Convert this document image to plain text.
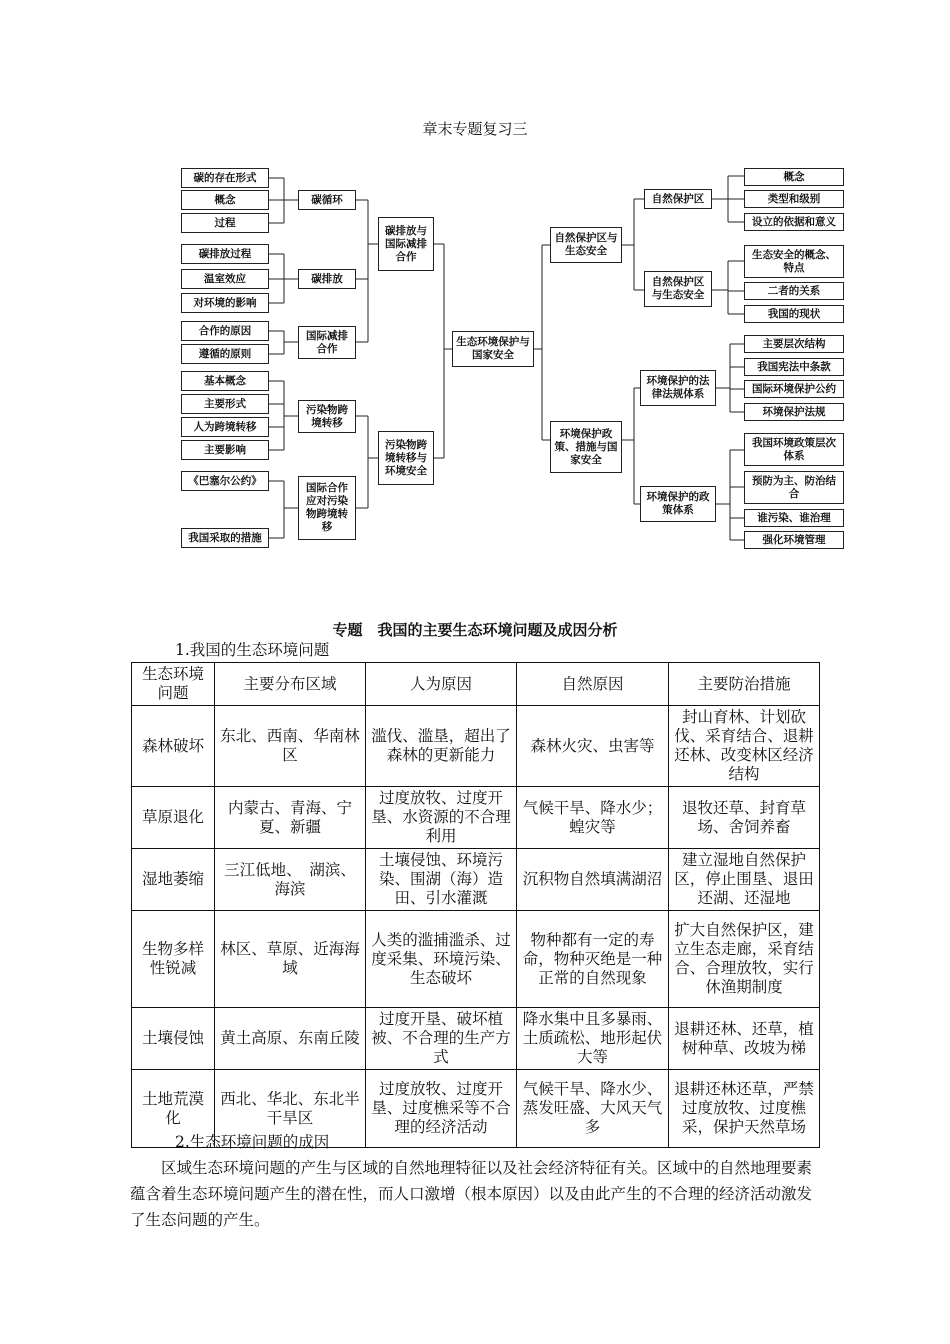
章末专题复习三
碳的存在形式
概念
过程
碳排放过程
温室效应
对环境的影响
合作的原因
遵循的原则
基本概念
主要形式
人为跨境转移
主要影响
《巴塞尔公约》
我国采取的措施
碳循环
碳排放
国际减排合作
污染物跨境转移
国际合作应对污染物跨境转移
碳排放与国际减排合作
污染物跨境转移与环境安全
生态环境保护与国家安全
自然保护区与生态安全
环境保护政策、措施与国家安全
自然保护区
自然保护区与生态安全
环境保护的法律法规体系
环境保护的政策体系
概念
类型和级别
设立的依据和意义
生态安全的概念、特点
二者的关系
我国的现状
主要层次结构
我国宪法中条款
国际环境保护公约
环境保护法规
我国环境政策层次体系
预防为主、防治结合
谁污染、谁治理
强化环境管理
专题　我国的主要生态环境问题及成因分析
1.我国的生态环境问题
生态环境问题	主要分布区域	人为原因	自然原因	主要防治措施
森林破坏	东北、西南、华南林区	滥伐、滥垦，超出了森林的更新能力	森林火灾、虫害等	封山育林、计划砍伐、采育结合、退耕还林、改变林区经济结构
草原退化	内蒙古、青海、宁夏、新疆	过度放牧、过度开垦、水资源的不合理利用	气候干旱、降水少；蝗灾等	退牧还草、封育草场、舍饲养畜
湿地萎缩	三江低地、　湖滨、海滨	土壤侵蚀、环境污染、围湖（海）造田、引水灌溉	沉积物自然填满湖沼	建立湿地自然保护区，停止围垦、退田还湖、还湿地
生物多样性锐减	林区、草原、近海海域	人类的滥捕滥杀、过度采集、环境污染、生态破坏	物种都有一定的寿命，物种灭绝是一种正常的自然现象	扩大自然保护区，建立生态走廊，采育结合、合理放牧，实行休渔期制度
土壤侵蚀	黄土高原、东南丘陵	过度开垦、破坏植被、不合理的生产方式	降水集中且多暴雨、土质疏松、地形起伏大等	退耕还林、还草，植树种草、改坡为梯
土地荒漠化	西北、华北、东北半干旱区	过度放牧、过度开垦、过度樵采等不合理的经济活动	气候干旱、降水少、蒸发旺盛、大风天气多	退耕还林还草，严禁过度放牧、过度樵采，保护天然草场
2.生态环境问题的成因
区域生态环境问题的产生与区域的自然地理特征以及社会经济特征有关。区域中的自然地理要素蕴含着生态环境问题产生的潜在性，而人口激增（根本原因）以及由此产生的不合理的经济活动激发了生态问题的产生。
